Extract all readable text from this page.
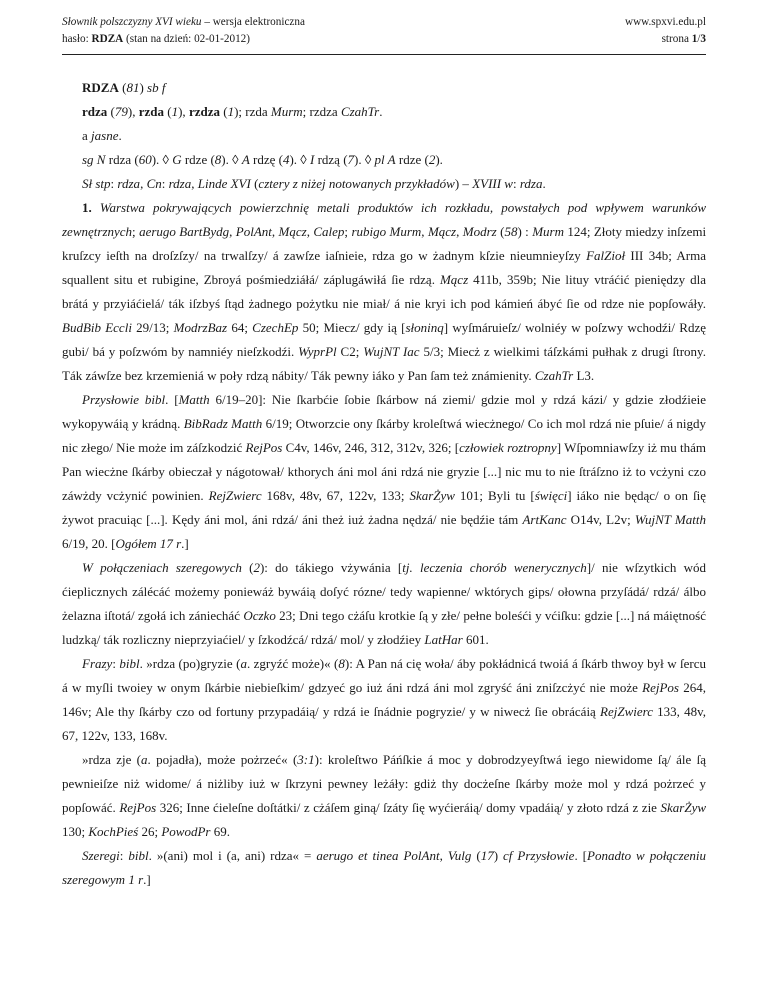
Słownik polszczyzny XVI wieku – wersja elektroniczna
hasło: RDZA (stan na dzień: 02-01-2012)
www.spxvi.edu.pl
strona 1/3

RDZA (81) sb f

rdza (79), rzda (1), rzdza (1); rzda Murm; rzdza CzahTr.

a jasne.

sg N rdza (60). ◊ G rdze (8). ◊ A rdzę (4). ◊ I rdzą (7). ◊ pl A rdze (2).

Sł stp: rdza, Cn: rdza, Linde XVI (cztery z niżej notowanych przykładów) – XVIII w: rdza.

1. Warstwa pokrywających powierzchnię metali produktów ich rozkładu, powstałych pod wpływem warunków zewnętrznych; aerugo BartBydg, PolAnt, Mącz, Calep; rubigo Murm, Mącz, Modrz (58) : Murm 124; Złoty miedzy inſzemi kruſzcy ieſth na droſzſzy/ na trwalſzy/ á zawſze iaſnieie, rdza go w żadnym kſzie nieumnieyſzy FalZioł III 34b; Arma squallent situ et rubigine, Zbroyá pośmiedziáłá/ záplugáwiłá ſie rdzą. Mącz 411b, 359b; Nie lituy vtráćić pieniędzy dla brátá y przyiáćielá/ ták iſzbyś ſtąd żadnego pożytku nie miał/ á nie kryi ich pod kámień ábyć ſie od rdze nie popſowáły. BudBib Eccli 29/13; ModrzBaz 64; CzechEp 50; Miecz/ gdy ią [słoninq] wyſmáruieſz/ wolniéy w poſzwy wchodźi/ Rdzę gubi/ bá y poſzwóm by namniéy nieſzkodźi. WyprPl C2; WujNT Iac 5/3; Miecż z wielkimi táſzkámi pułhak z drugi ſtrony. Ták záwſze bez krzemieniá w poły rdzą nábity/ Ták pewny iáko y Pan ſam też známienity. CzahTr L3.

Przysłowie bibl. [Matth 6/19–20]: Nie ſkarbćie ſobie ſkárbow ná ziemi/ gdzie mol y rdzá kázi/ y gdzie złodźieie wykopywáią y krádną. BibRadz Matth 6/19; Otworzcie ony ſkárby kroleſtwá wiecżnego/ Co ich mol rdzá nie pſuie/ á nigdy nic złego/ Nie może im záſzkodzić RejPos C4v, 146v, 246, 312, 312v, 326; [człowiek roztropny] Wſpomniawſzy iż mu thám Pan wiecżne ſkárby obieczał y nágotował/ kthorych áni mol áni rdzá nie gryzie [...] nic mu to nie ſtráſzno iż to vcżyni czo záwżdy vcżynić powinien. RejZwierc 168v, 48v, 67, 122v, 133; SkarŻyw 101; Byli tu [święci] iáko nie będąc/ o on ſię żywot pracuiąc [...]. Kędy áni mol, áni rdzá/ áni theż iuż żadna nędzá/ nie będźie tám ArtKanc O14v, L2v; WujNT Matth 6/19, 20. [Ogółem 17 r.]

W połączeniach szeregowych (2): do tákiego vżywánia [tj. leczenia chorób wenerycznych]/ nie wſzytkich wód ćieplicznych zálécáć możemy poniewáż bywáią doſyć rózne/ tedy wapienne/ wktórych gips/ ołowna przyſádá/ rdzá/ álbo żelazna iſtotá/ zgołá ich zánieсháć Oczko 23; Dni tego cżáſu krotkie ſą y złe/ pełne boleśći y vćiſku: gdzie [...] ná máiętność ludzką/ ták rozliczny nieprzyiaćiel/ y ſzkodźcá/ rdzá/ mol/ y złodźiey LatHar 601.

Frazy: bibl. »rdza (po)gryzie (a. zgryźć może)« (8): A Pan ná cię woła/ áby pokłádnicá twoiá á ſkárb thwoy był w ſercu á w myſli twoiey w onym ſkárbie niebieſkim/ gdzyeć go iuż áni rdzá áni mol zgryść áni zniſzcżyć nie może RejPos 264, 146v; Ale thy ſkárby czo od fortuny przypadáią/ y rdzá ie ſnádnie pogryzie/ y w niwecż ſie obrácáią RejZwierc 133, 48v, 67, 122v, 133, 168v.

»rdza zje (a. pojadła), może pożrzeć« (3:1): kroleſtwo Páńſkie á moc y dobrodzyeyſtwá iego niewidome ſą/ ále ſą pewnieiſze niż widome/ á niżliby iuż w ſkrzyni pewney leżáły: gdiż thy docżeſne ſkárby może mol y rdzá pożrzeć y popſowáć. RejPos 326; Inne ćieleſne doſtátki/ z cżáſem giną/ ſzáty ſię wyćieráią/ domy vpadáią/ y złoto rdzá z zie SkarŻyw 130; KochPieś 26; PowodPr 69.

Szeregi: bibl. »(ani) mol i (a, ani) rdza« = aerugo et tinea PolAnt, Vulg (17) cf Przysłowie. [Ponadto w połączeniu szeregowym 1 r.]
